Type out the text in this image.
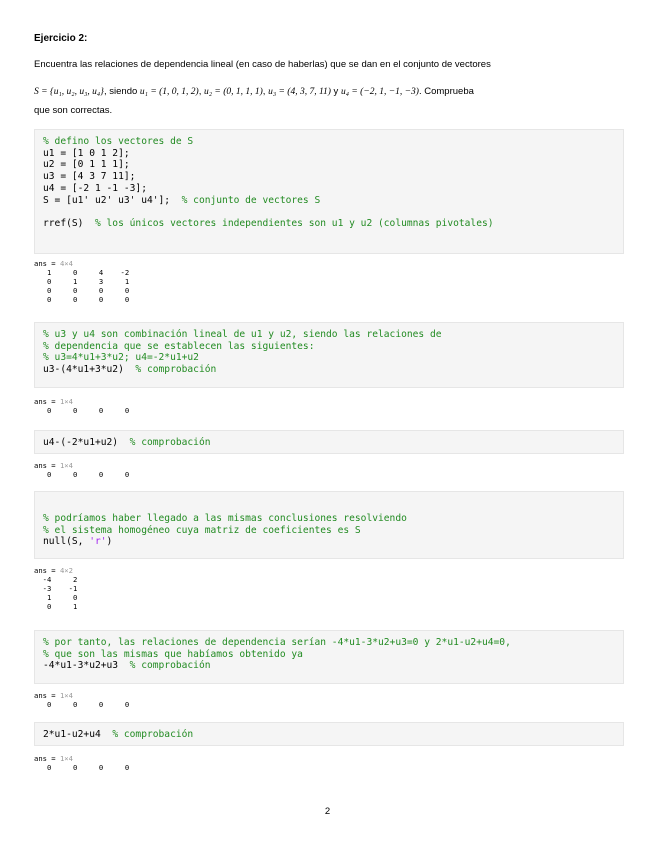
Ejercicio 2:
Encuentra las relaciones de dependencia lineal (en caso de haberlas) que se dan en el conjunto de vectores
S = {u₁, u₂, u₃, u₄}, siendo u₁ = (1, 0, 1, 2), u₂ = (0, 1, 1, 1), u₃ = (4, 3, 7, 11) y u₄ = (−2, 1, −1, −3). Comprueba
que son correctas.
% defino los vectores de S
u1 = [1 0 1 2];
u2 = [0 1 1 1];
u3 = [4 3 7 11];
u4 = [-2 1 -1 -3];
S = [u1' u2' u3' u4'];  % conjunto de vectores S

rref(S)  % los únicos vectores independientes son u1 y u2 (columnas pivotales)
ans = 4×4
1     0     4    -2
0     1     3     1
0     0     0     0
0     0     0     0
% u3 y u4 son combinación lineal de u1 y u2, siendo las relaciones de
% dependencia que se establecen las siguientes:
% u3=4*u1+3*u2; u4=-2*u1+u2
u3-(4*u1+3*u2)  % comprobación
ans = 1×4
0     0     0     0
u4-(-2*u1+u2)  % comprobación
ans = 1×4
0     0     0     0
% podríamos haber llegado a las mismas conclusiones resolviendo
% el sistema homogéneo cuya matriz de coeficientes es S
null(S, 'r')
ans = 4×2
-4     2
-3    -1
1     0
0     1
% por tanto, las relaciones de dependencia serían -4*u1-3*u2+u3=0 y 2*u1-u2+u4=0,
% que son las mismas que habíamos obtenido ya
-4*u1-3*u2+u3  % comprobación
ans = 1×4
0     0     0     0
2*u1-u2+u4  % comprobación
ans = 1×4
0     0     0     0
2
